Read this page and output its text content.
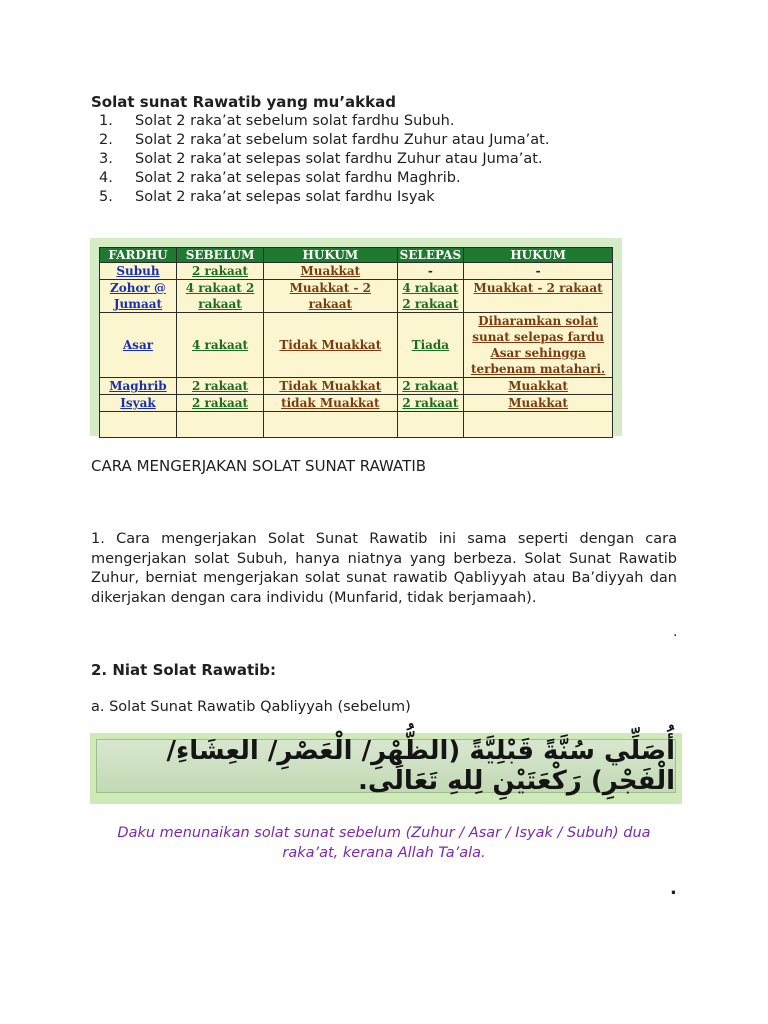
Solat sunat Rawatib yang mu’akkad
1.	Solat 2 raka’at sebelum solat fardhu Subuh.
2.	Solat 2 raka’at sebelum solat fardhu Zuhur atau Juma’at.
3.	Solat 2 raka’at selepas solat fardhu Zuhur atau Juma’at.
4.	Solat 2 raka’at selepas solat fardhu Maghrib.
5.	Solat 2 raka’at selepas solat fardhu Isyak
FARDHU	SEBELUM	HUKUM	SELEPAS	HUKUM
Subuh	2 rakaat	Muakkat	-	-
Zohor @ Jumaat	4 rakaat 2 rakaat	Muakkat - 2 rakaat	4 rakaat 2 rakaat	Muakkat - 2 rakaat
Asar	4 rakaat	Tidak Muakkat	Tiada	Diharamkan solat sunat selepas fardu Asar sehingga terbenam matahari.
Maghrib	2 rakaat	Tidak Muakkat	2 rakaat	Muakkat
Isyak	2 rakaat	tidak Muakkat	2 rakaat	Muakkat

CARA MENGERJAKAN SOLAT SUNAT RAWATIB
1. Cara mengerjakan Solat Sunat Rawatib ini sama seperti dengan cara mengerjakan solat Subuh, hanya niatnya yang berbeza. Solat Sunat Rawatib Zuhur, berniat mengerjakan solat sunat rawatib Qabliyyah atau Ba’diyyah dan dikerjakan dengan cara individu (Munfarid, tidak berjamaah).
.
2. Niat Solat Rawatib:
a. Solat Sunat Rawatib Qabliyyah (sebelum)
أُصَلِّي سُنَّةً قَبْلِيَّةً (الظُّهْرِ/ الْعَصْرِ/ العِشَاءِ/ الْفَجْرِ) رَكْعَتَيْنِ لِلهِ تَعَالَى.
Daku menunaikan solat sunat sebelum (Zuhur / Asar / Isyak / Subuh) dua raka’at, kerana Allah Ta’ala.
.
